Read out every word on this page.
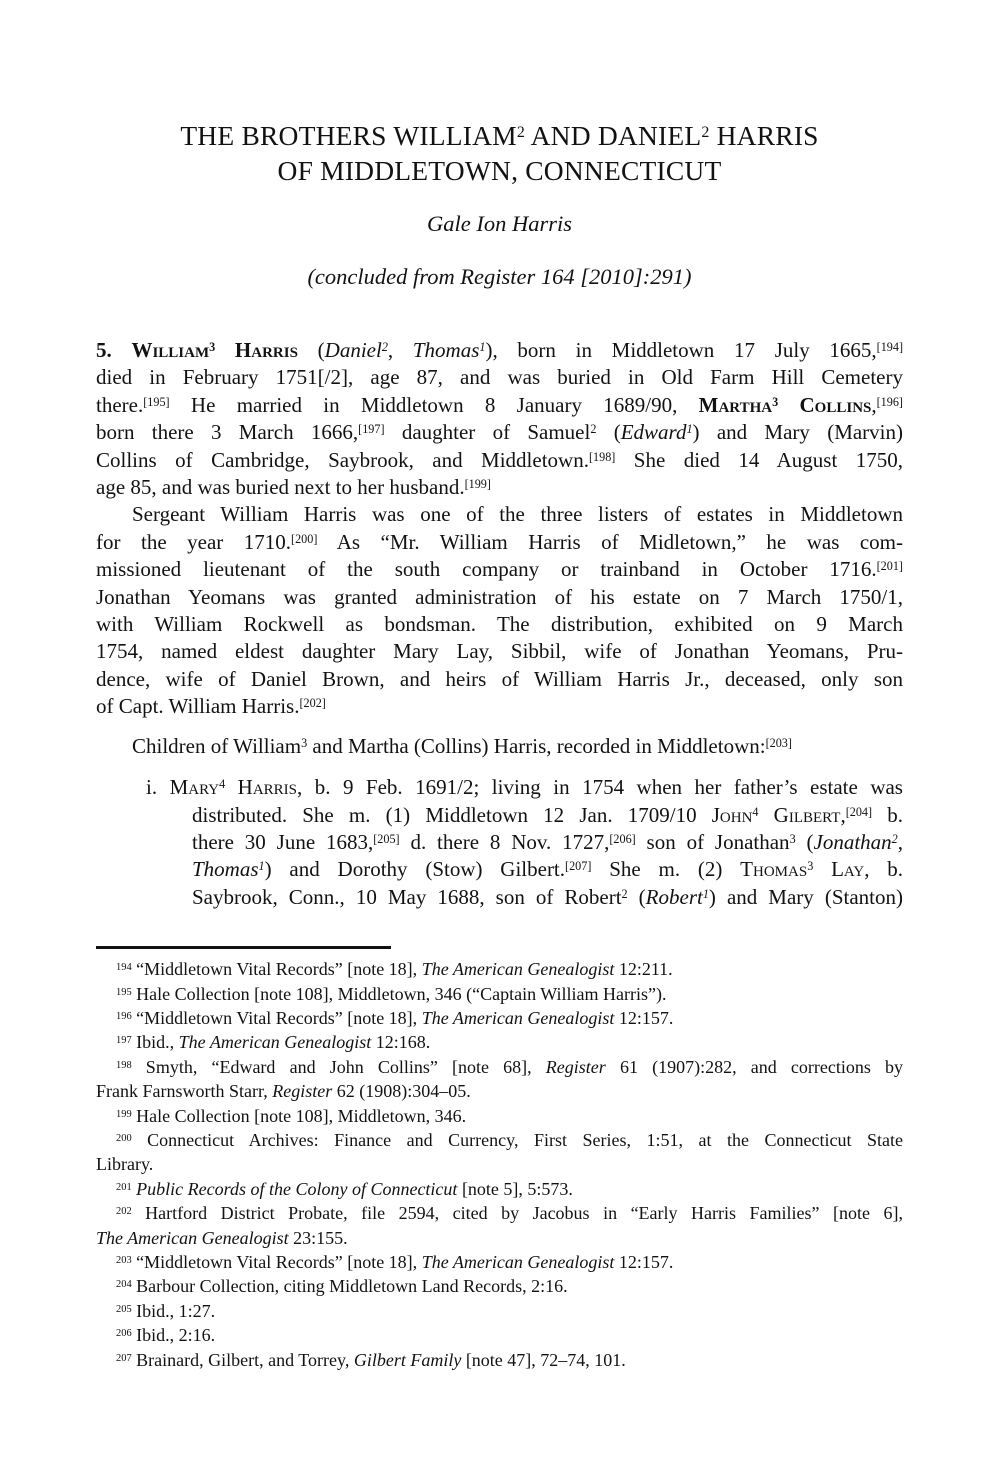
THE BROTHERS WILLIAM$^2$ AND DANIEL$^2$ HARRIS
OF MIDDLETOWN, CONNECTICUT
Gale Ion Harris
(concluded from Register 164 [2010]:291)
5. William$^3$ Harris (Daniel$^2$, Thomas$^1$), born in Middletown 17 July 1665,[194]
died in February 1751[/2], age 87, and was buried in Old Farm Hill Cemetery
there.[195] He married in Middletown 8 January 1689/90, Martha$^3$ Collins,[196]
born there 3 March 1666,[197] daughter of Samuel$^2$ (Edward$^1$) and Mary (Marvin)
Collins of Cambridge, Saybrook, and Middletown.[198] She died 14 August 1750,
age 85, and was buried next to her husband.[199]
Sergeant William Harris was one of the three listers of estates in Middletown
for the year 1710.[200] As “Mr. William Harris of Midletown,” he was com-
missioned lieutenant of the south company or trainband in October 1716.[201]
Jonathan Yeomans was granted administration of his estate on 7 March 1750/1,
with William Rockwell as bondsman. The distribution, exhibited on 9 March
1754, named eldest daughter Mary Lay, Sibbil, wife of Jonathan Yeomans, Pru-
dence, wife of Daniel Brown, and heirs of William Harris Jr., deceased, only son
of Capt. William Harris.[202]
Children of William$^3$ and Martha (Collins) Harris, recorded in Middletown:[203]
i. Mary$^4$ Harris, b. 9 Feb. 1691/2; living in 1754 when her father’s estate was
distributed. She m. (1) Middletown 12 Jan. 1709/10 John$^4$ Gilbert,[204] b.
there 30 June 1683,[205] d. there 8 Nov. 1727,[206] son of Jonathan$^3$ (Jonathan$^2$,
Thomas$^1$) and Dorothy (Stow) Gilbert.[207] She m. (2) Thomas$^3$ Lay, b.
Saybrook, Conn., 10 May 1688, son of Robert$^2$ (Robert$^1$) and Mary (Stanton)
$^{194}$ “Middletown Vital Records” [note 18], The American Genealogist 12:211.
$^{195}$ Hale Collection [note 108], Middletown, 346 (“Captain William Harris”).
$^{196}$ “Middletown Vital Records” [note 18], The American Genealogist 12:157.
$^{197}$ Ibid., The American Genealogist 12:168.
$^{198}$ Smyth, “Edward and John Collins” [note 68], Register 61 (1907):282, and corrections by
Frank Farnsworth Starr, Register 62 (1908):304–05.
$^{199}$ Hale Collection [note 108], Middletown, 346.
$^{200}$ Connecticut Archives: Finance and Currency, First Series, 1:51, at the Connecticut State
Library.
$^{201}$ Public Records of the Colony of Connecticut [note 5], 5:573.
$^{202}$ Hartford District Probate, file 2594, cited by Jacobus in “Early Harris Families” [note 6],
The American Genealogist 23:155.
$^{203}$ “Middletown Vital Records” [note 18], The American Genealogist 12:157.
$^{204}$ Barbour Collection, citing Middletown Land Records, 2:16.
$^{205}$ Ibid., 1:27.
$^{206}$ Ibid., 2:16.
$^{207}$ Brainard, Gilbert, and Torrey, Gilbert Family [note 47], 72–74, 101.
